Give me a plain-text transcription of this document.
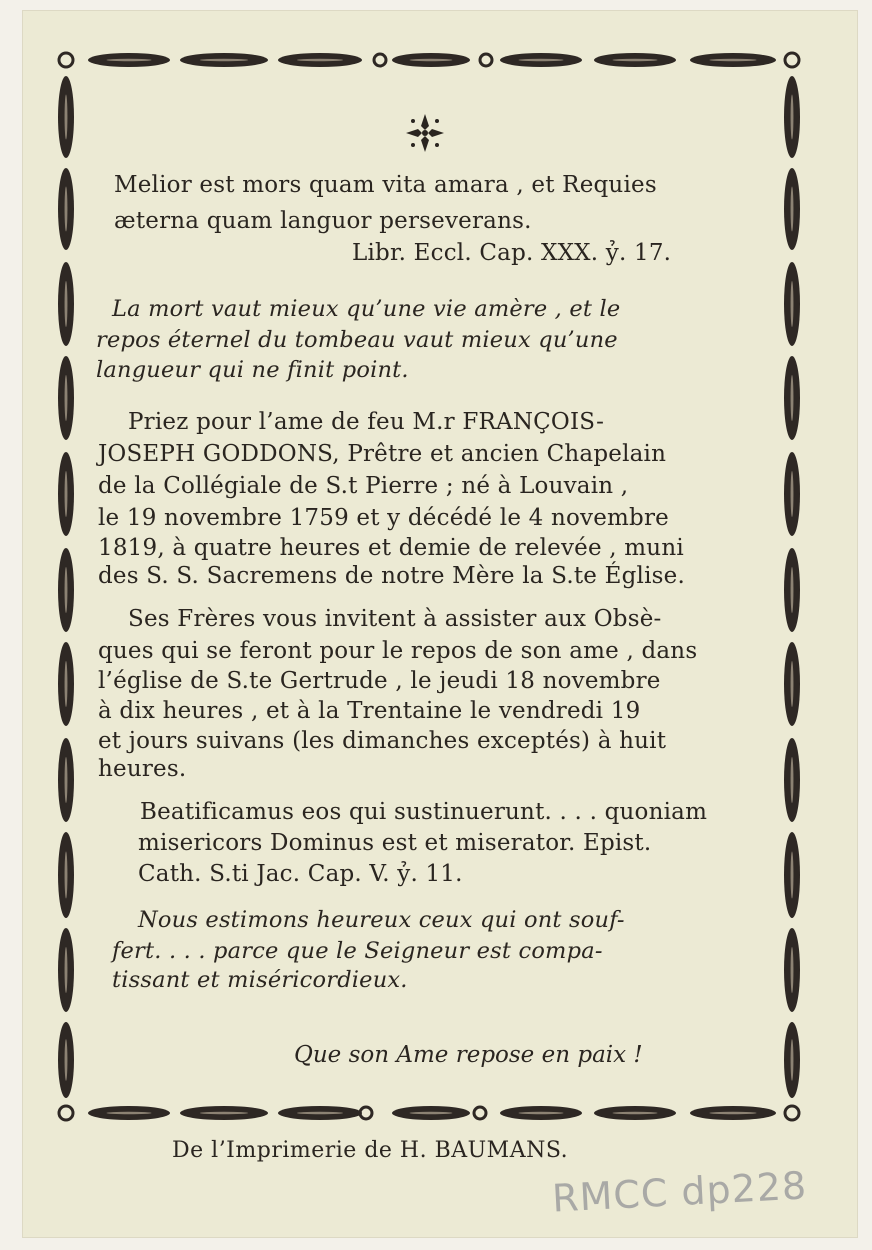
Melior est mors quam vita amara , et Requies
æterna quam languor perseverans.
Libr. Eccl. Cap. XXX. ỷ. 17.
La mort vaut mieux qu’une vie amère , et le
repos éternel du tombeau vaut mieux qu’une
langueur qui ne finit point.
Priez pour l’ame de feu M.r FRANÇOIS-
JOSEPH GODDONS, Prêtre et ancien Chapelain
de la Collégiale de S.t Pierre ; né à Louvain ,
le 19 novembre 1759 et y décédé le 4 novembre
1819, à quatre heures et demie de relevée , muni
des S. S. Sacremens de notre Mère la S.te Église.
Ses Frères vous invitent à assister aux Obsè-
ques qui se feront pour le repos de son ame , dans
l’église de S.te Gertrude , le jeudi 18 novembre
à dix heures , et à la Trentaine le vendredi 19
et jours suivans (les dimanches exceptés) à huit
heures.
Beatificamus eos qui sustinuerunt. . . . quoniam
misericors Dominus est et miserator. Epist.
Cath. S.ti Jac. Cap. V. ỷ. 11.
Nous estimons heureux ceux qui ont souf-
fert. . . . parce que le Seigneur est compa-
tissant et miséricordieux.
Que son Ame repose en paix !
De l’Imprimerie de H. BAUMANS.
RMCC dp228
